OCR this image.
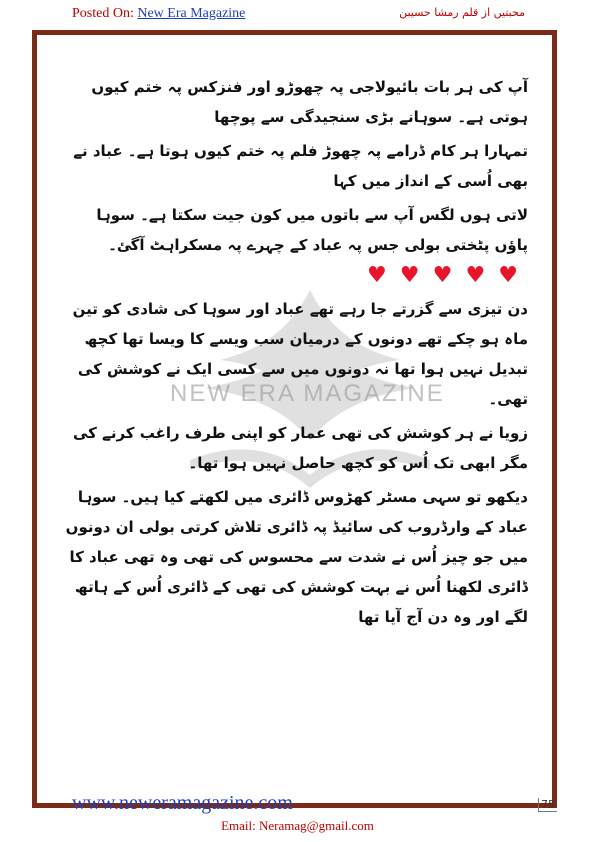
Posted On: New Era Magazine	محبتیں از قلم رمشا حسیبن
NEW ERA MAGAZINE

آپ کی ہر بات بائیولاجی پہ چھوڑو اور فنزکس پہ ختم کیوں ہوتی ہے۔ سوہانے بڑی سنجیدگی سے پوچھا

تمہارا ہر کام ڈرامے پہ چھوڑ فلم پہ ختم کیوں ہوتا ہے۔ عباد نے بھی اُسی کے انداز میں کہا

لاتی ہوں لگس آپ سے باتوں میں کون جیت سکتا ہے۔ سوہا پاؤں پٹختی بولی جس پہ عباد کے چہرے پہ مسکراہٹ آگئ۔

♥ ♥ ♥ ♥ ♥

دن تیزی سے گزرتے جا رہے تھے عباد اور سوہا کی شادی کو تین ماہ ہو چکے تھے دونوں کے درمیان سب ویسے کا ویسا تھا کچھ تبدیل نہیں ہوا تھا نہ دونوں میں سے کسی ایک نے کوشش کی تھی۔

زویا نے ہر کوشش کی تھی عمار کو اپنی طرف راغب کرنے کی مگر ابھی تک اُس کو کچھ حاصل نہیں ہوا تھا۔

دیکھو تو سہی مسٹر کھڑوس ڈائری میں لکھتے کیا ہیں۔ سوہا عباد کے وارڈروب کی سائیڈ پہ ڈائری تلاش کرتی بولی ان دونوں میں جو چیز اُس نے شدت سے محسوس کی تھی وہ تھی عباد کا ڈائری لکھنا اُس نے بہت کوشش کی تھی کے ڈائری اُس کے ہاتھ لگے اور وہ دن آج آیا تھا

www.neweramagazine.com	75
Email: Neramag@gmail.com
